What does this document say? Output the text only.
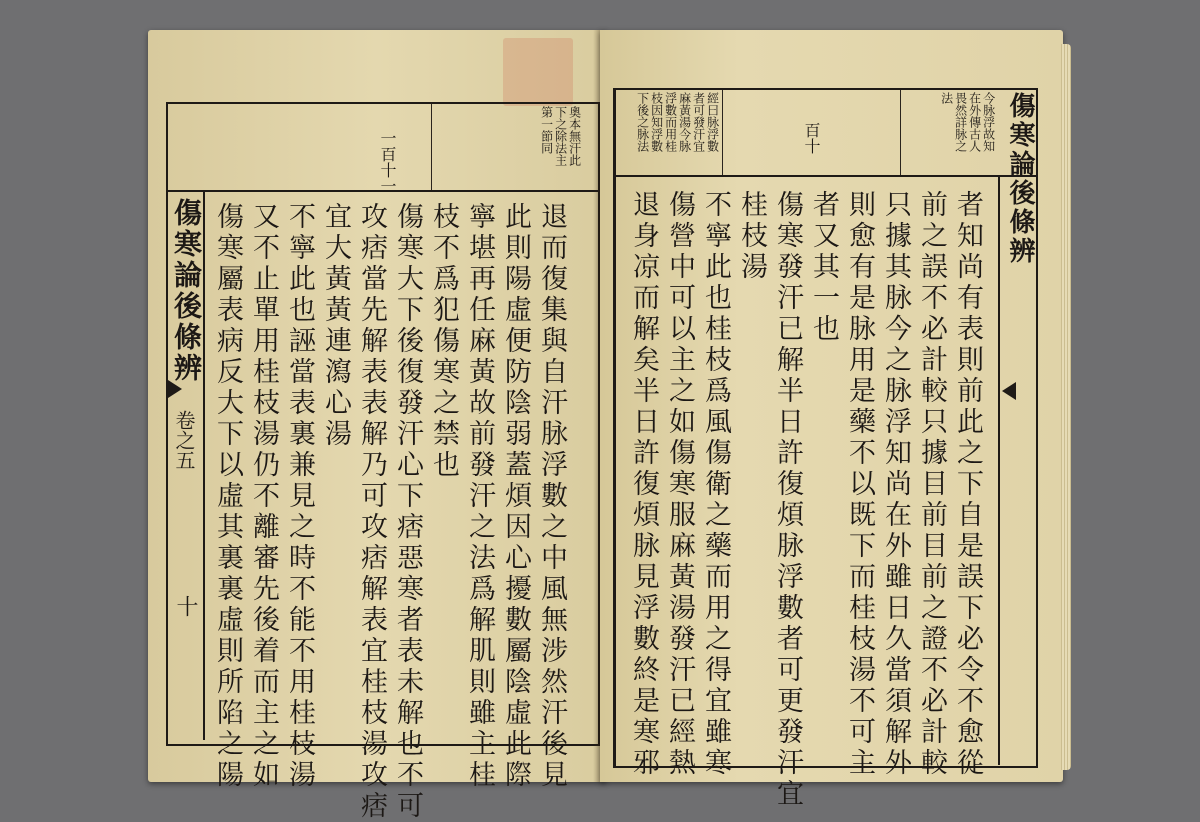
傷寒論後條辨
卷之五
十
奧本無汗此
下之除法主
第一節同
一百十一
退而復集與自汗脉浮數之中風無涉然汗後見
此則陽虛便防陰弱蓋煩因心擾數屬陰虛此際
寧堪再任麻黃故前發汗之法爲解肌則雖主桂
枝不爲犯傷寒之禁也
傷寒大下後復發汗心下痞惡寒者表未解也不可
攻痞當先解表表解乃可攻痞解表宜桂枝湯攻痞
宜大黃黃連瀉心湯
不寧此也誣當表裏兼見之時不能不用桂枝湯
又不止單用桂枝湯仍不離審先後着而主之如
傷寒屬表病反大下以虛其裏裏虛則所陷之陽
傷寒論後條辨
今脉浮故知
在外傳古人
畏然詳脉之
法
百十
經曰脉浮數
者可發汗宜
麻黃湯今脉
浮數而用桂
枝因知浮數
下後之脉法
者知尚有表則前此之下自是誤下必令不愈從
前之誤不必計較只據目前目前之證不必計較
只據其脉今之脉浮知尚在外雖日久當須解外
則愈有是脉用是藥不以既下而桂枝湯不可主
者又其一也
傷寒發汗已解半日許復煩脉浮數者可更發汗宜
桂枝湯
不寧此也桂枝爲風傷衛之藥而用之得宜雖寒
傷營中可以主之如傷寒服麻黃湯發汗已經熱
退身凉而解矣半日許復煩脉見浮數終是寒邪
